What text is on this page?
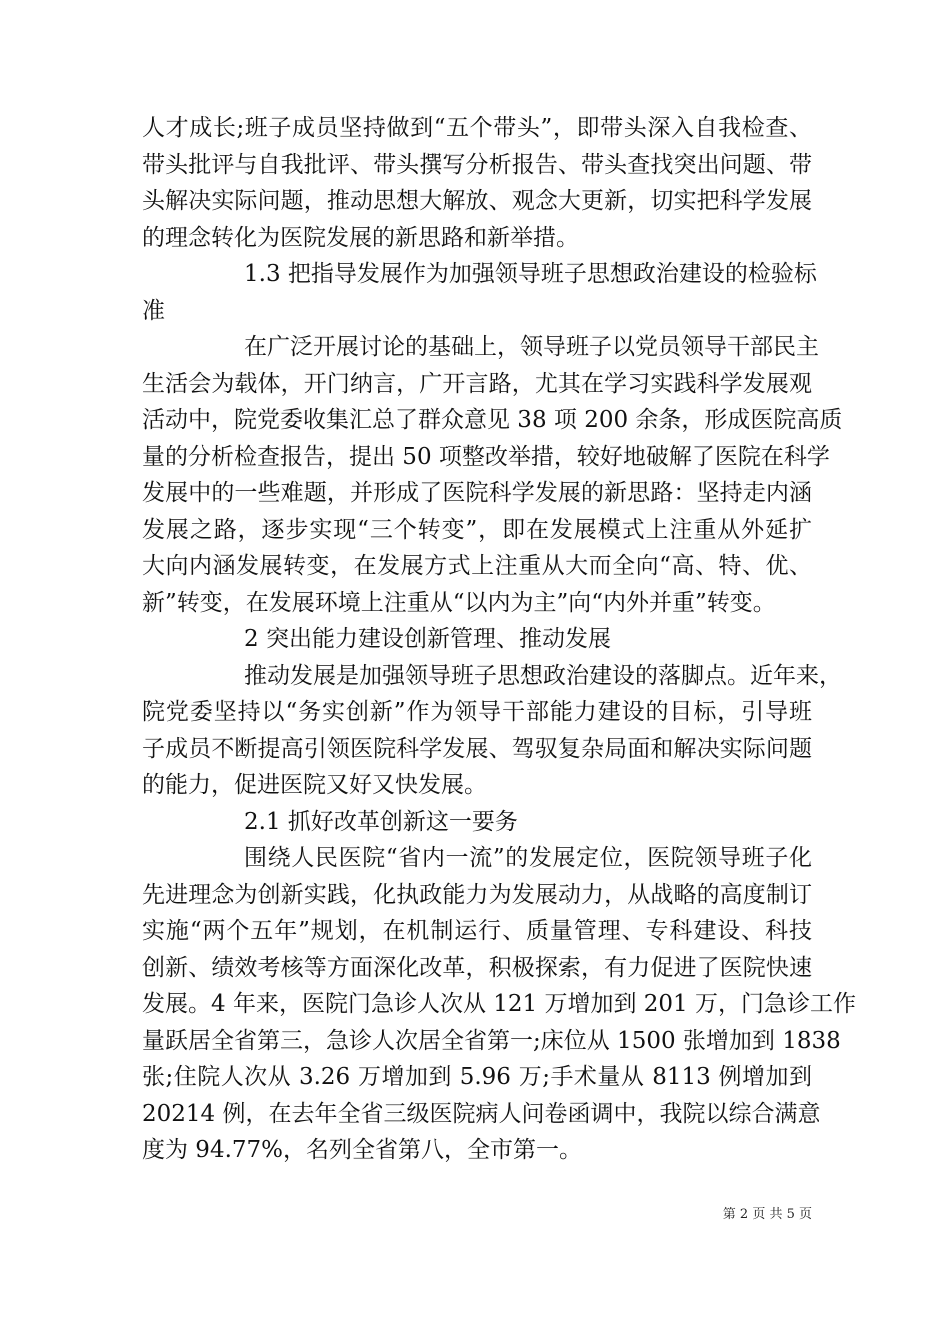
人才成长;班子成员坚持做到“五个带头”，即带头深入自我检查、
带头批评与自我批评、带头撰写分析报告、带头查找突出问题、带
头解决实际问题，推动思想大解放、观念大更新，切实把科学发展
的理念转化为医院发展的新思路和新举措。
1.3 把指导发展作为加强领导班子思想政治建设的检验标
准
在广泛开展讨论的基础上，领导班子以党员领导干部民主
生活会为载体，开门纳言，广开言路，尤其在学习实践科学发展观
活动中，院党委收集汇总了群众意见 38 项 200 余条，形成医院高质
量的分析检查报告，提出 50 项整改举措，较好地破解了医院在科学
发展中的一些难题，并形成了医院科学发展的新思路：坚持走内涵
发展之路，逐步实现“三个转变”，即在发展模式上注重从外延扩
大向内涵发展转变，在发展方式上注重从大而全向“高、特、优、
新”转变，在发展环境上注重从“以内为主”向“内外并重”转变。
2 突出能力建设创新管理、推动发展
推动发展是加强领导班子思想政治建设的落脚点。近年来，
院党委坚持以“务实创新”作为领导干部能力建设的目标，引导班
子成员不断提高引领医院科学发展、驾驭复杂局面和解决实际问题
的能力，促进医院又好又快发展。
2.1 抓好改革创新这一要务
围绕人民医院“省内一流”的发展定位，医院领导班子化
先进理念为创新实践，化执政能力为发展动力，从战略的高度制订
实施“两个五年”规划，在机制运行、质量管理、专科建设、科技
创新、绩效考核等方面深化改革，积极探索，有力促进了医院快速
发展。4 年来，医院门急诊人次从 121 万增加到 201 万，门急诊工作
量跃居全省第三，急诊人次居全省第一;床位从 1500 张增加到 1838
张;住院人次从 3.26 万增加到 5.96 万;手术量从 8113 例增加到
20214 例，在去年全省三级医院病人问卷函调中，我院以综合满意
度为 94.77%，名列全省第八，全市第一。
第 2 页 共 5 页
